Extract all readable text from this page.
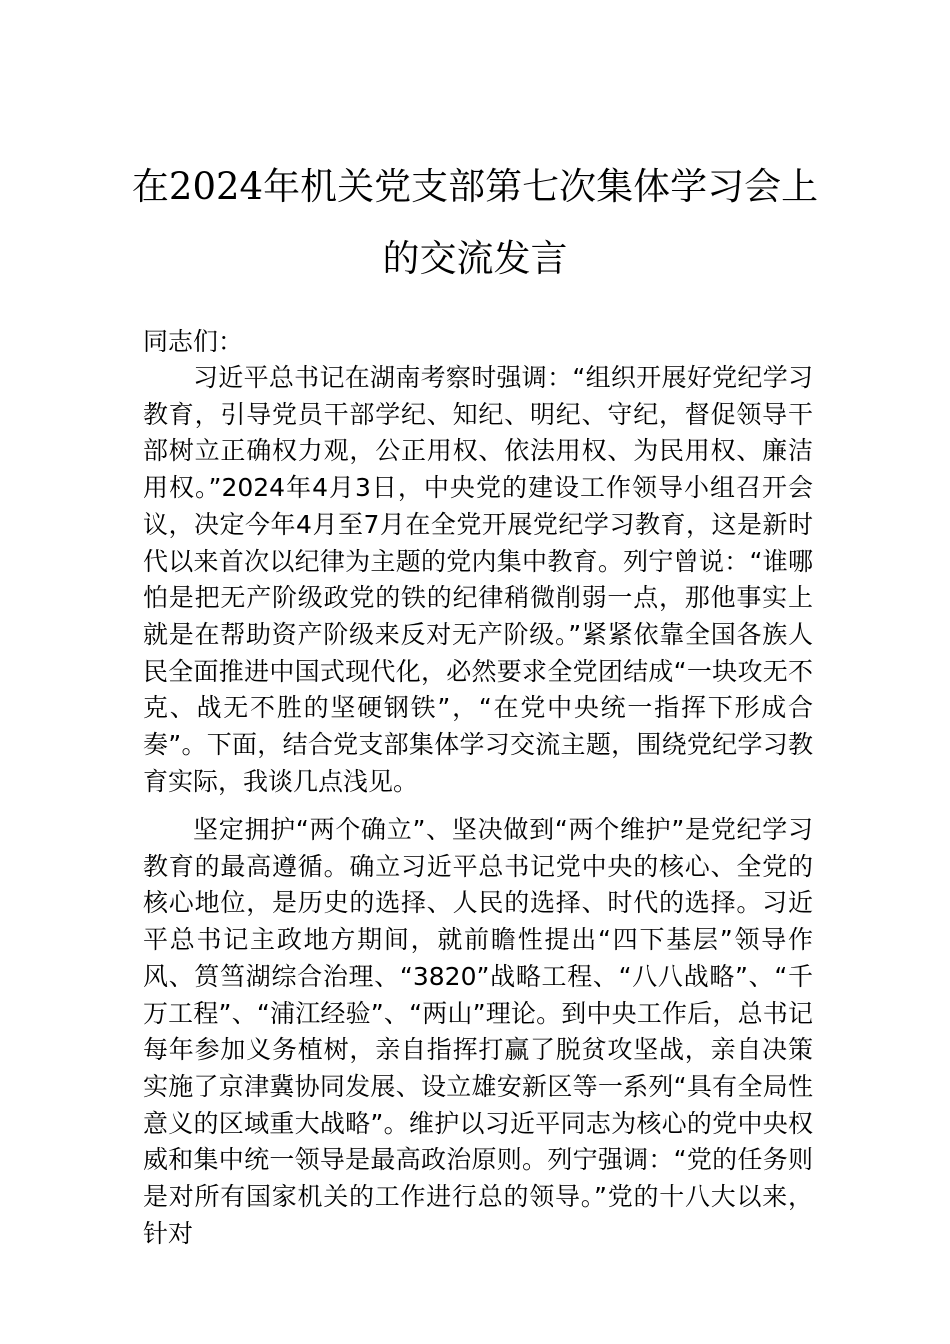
在2024年机关党支部第七次集体学习会上
的交流发言

同志们：

习近平总书记在湖南考察时强调：“组织开展好党纪学习教育，引导党员干部学纪、知纪、明纪、守纪，督促领导干部树立正确权力观，公正用权、依法用权、为民用权、廉洁用权。”2024年4月3日，中央党的建设工作领导小组召开会议，决定今年4月至7月在全党开展党纪学习教育，这是新时代以来首次以纪律为主题的党内集中教育。列宁曾说：“谁哪怕是把无产阶级政党的铁的纪律稍微削弱一点，那他事实上就是在帮助资产阶级来反对无产阶级。”紧紧依靠全国各族人民全面推进中国式现代化，必然要求全党团结成“一块攻无不克、战无不胜的坚硬钢铁”，“在党中央统一指挥下形成合奏”。下面，结合党支部集体学习交流主题，围绕党纪学习教育实际，我谈几点浅见。

坚定拥护“两个确立”、坚决做到“两个维护”是党纪学习教育的最高遵循。确立习近平总书记党中央的核心、全党的核心地位，是历史的选择、人民的选择、时代的选择。习近平总书记主政地方期间，就前瞻性提出“四下基层”领导作风、筼筜湖综合治理、“3820”战略工程、“八八战略”、“千万工程”、“浦江经验”、“两山”理论。到中央工作后，总书记每年参加义务植树，亲自指挥打赢了脱贫攻坚战，亲自决策实施了京津冀协同发展、设立雄安新区等一系列“具有全局性意义的区域重大战略”。维护以习近平同志为核心的党中央权威和集中统一领导是最高政治原则。列宁强调：“党的任务则是对所有国家机关的工作进行总的领导。”党的十八大以来，针对
